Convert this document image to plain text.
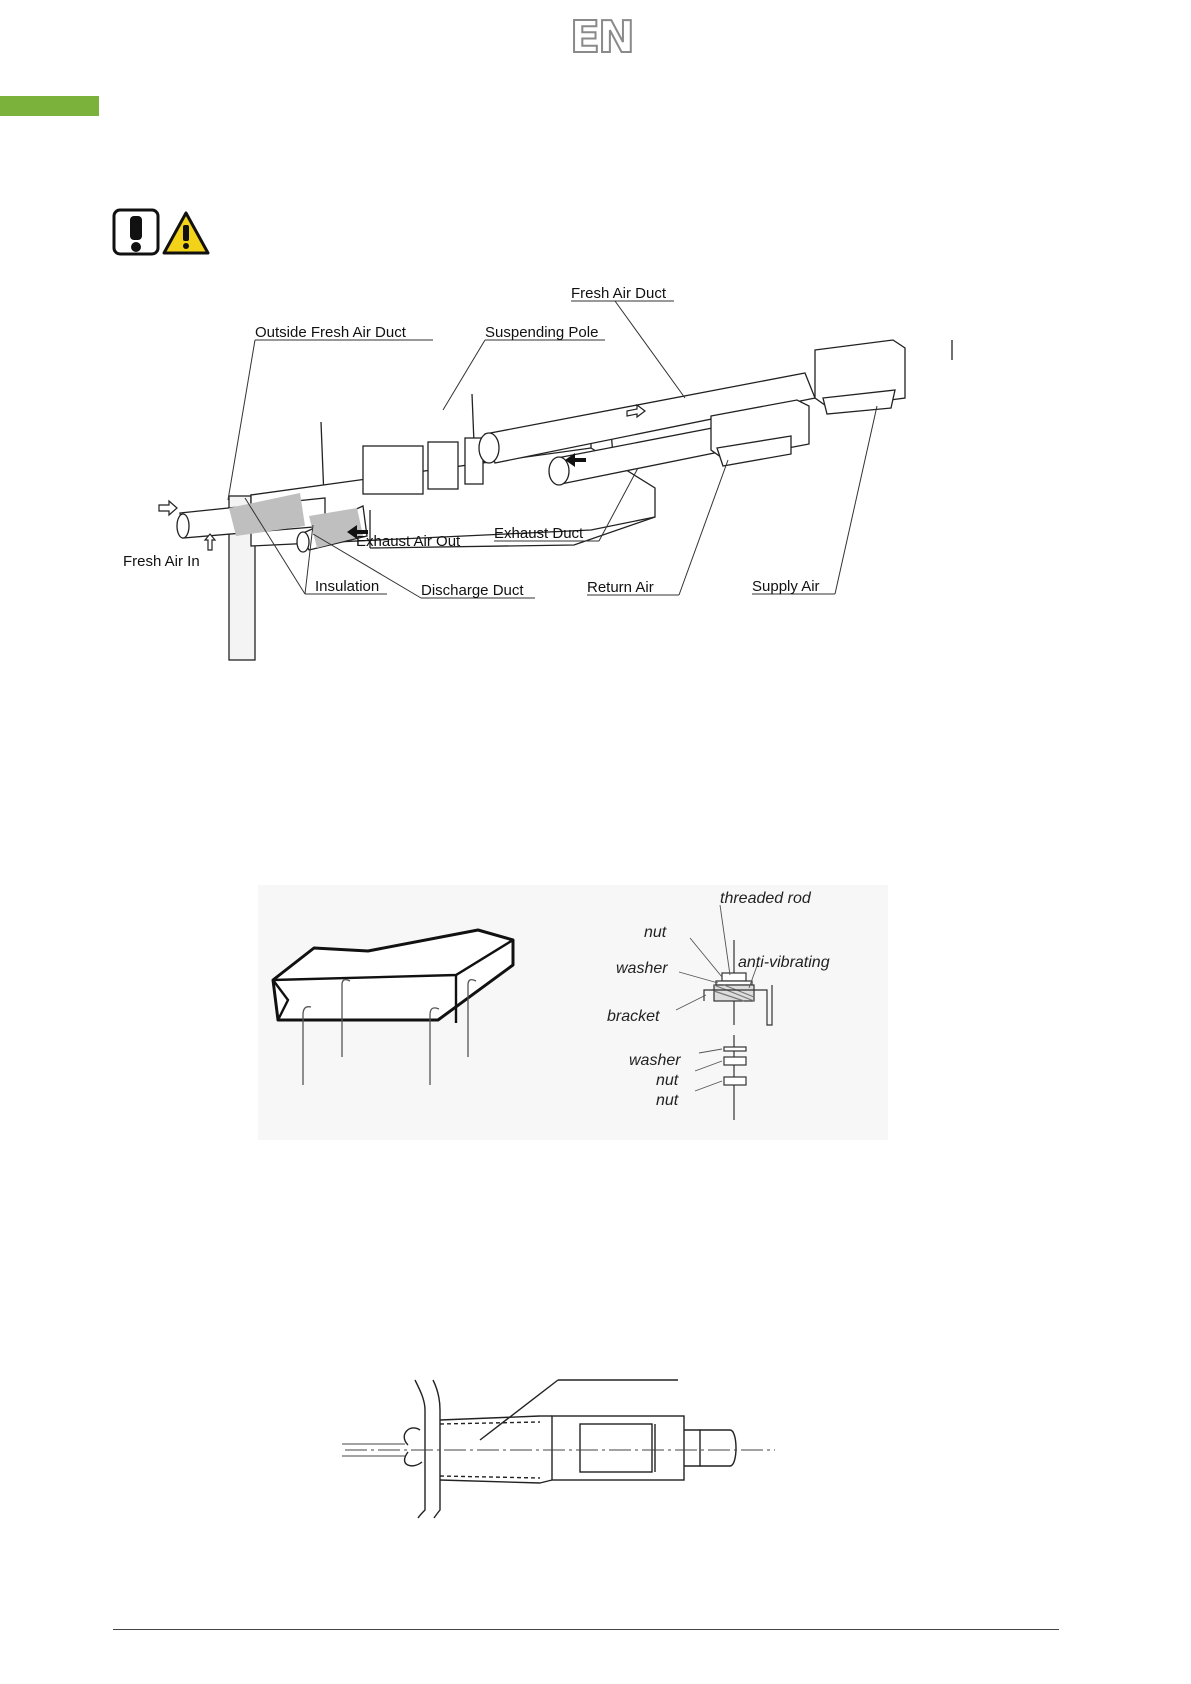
EN
Fresh Air Duct
Outside Fresh Air Duct	Suspending Pole
Exhaust Air Out Exhaust Duct
Fresh Air In
Insulation	Discharge Duct	Return Air	Supply Air
threaded rod
nut
washer	anti-vibrating
bracket
washer
nut
nut
